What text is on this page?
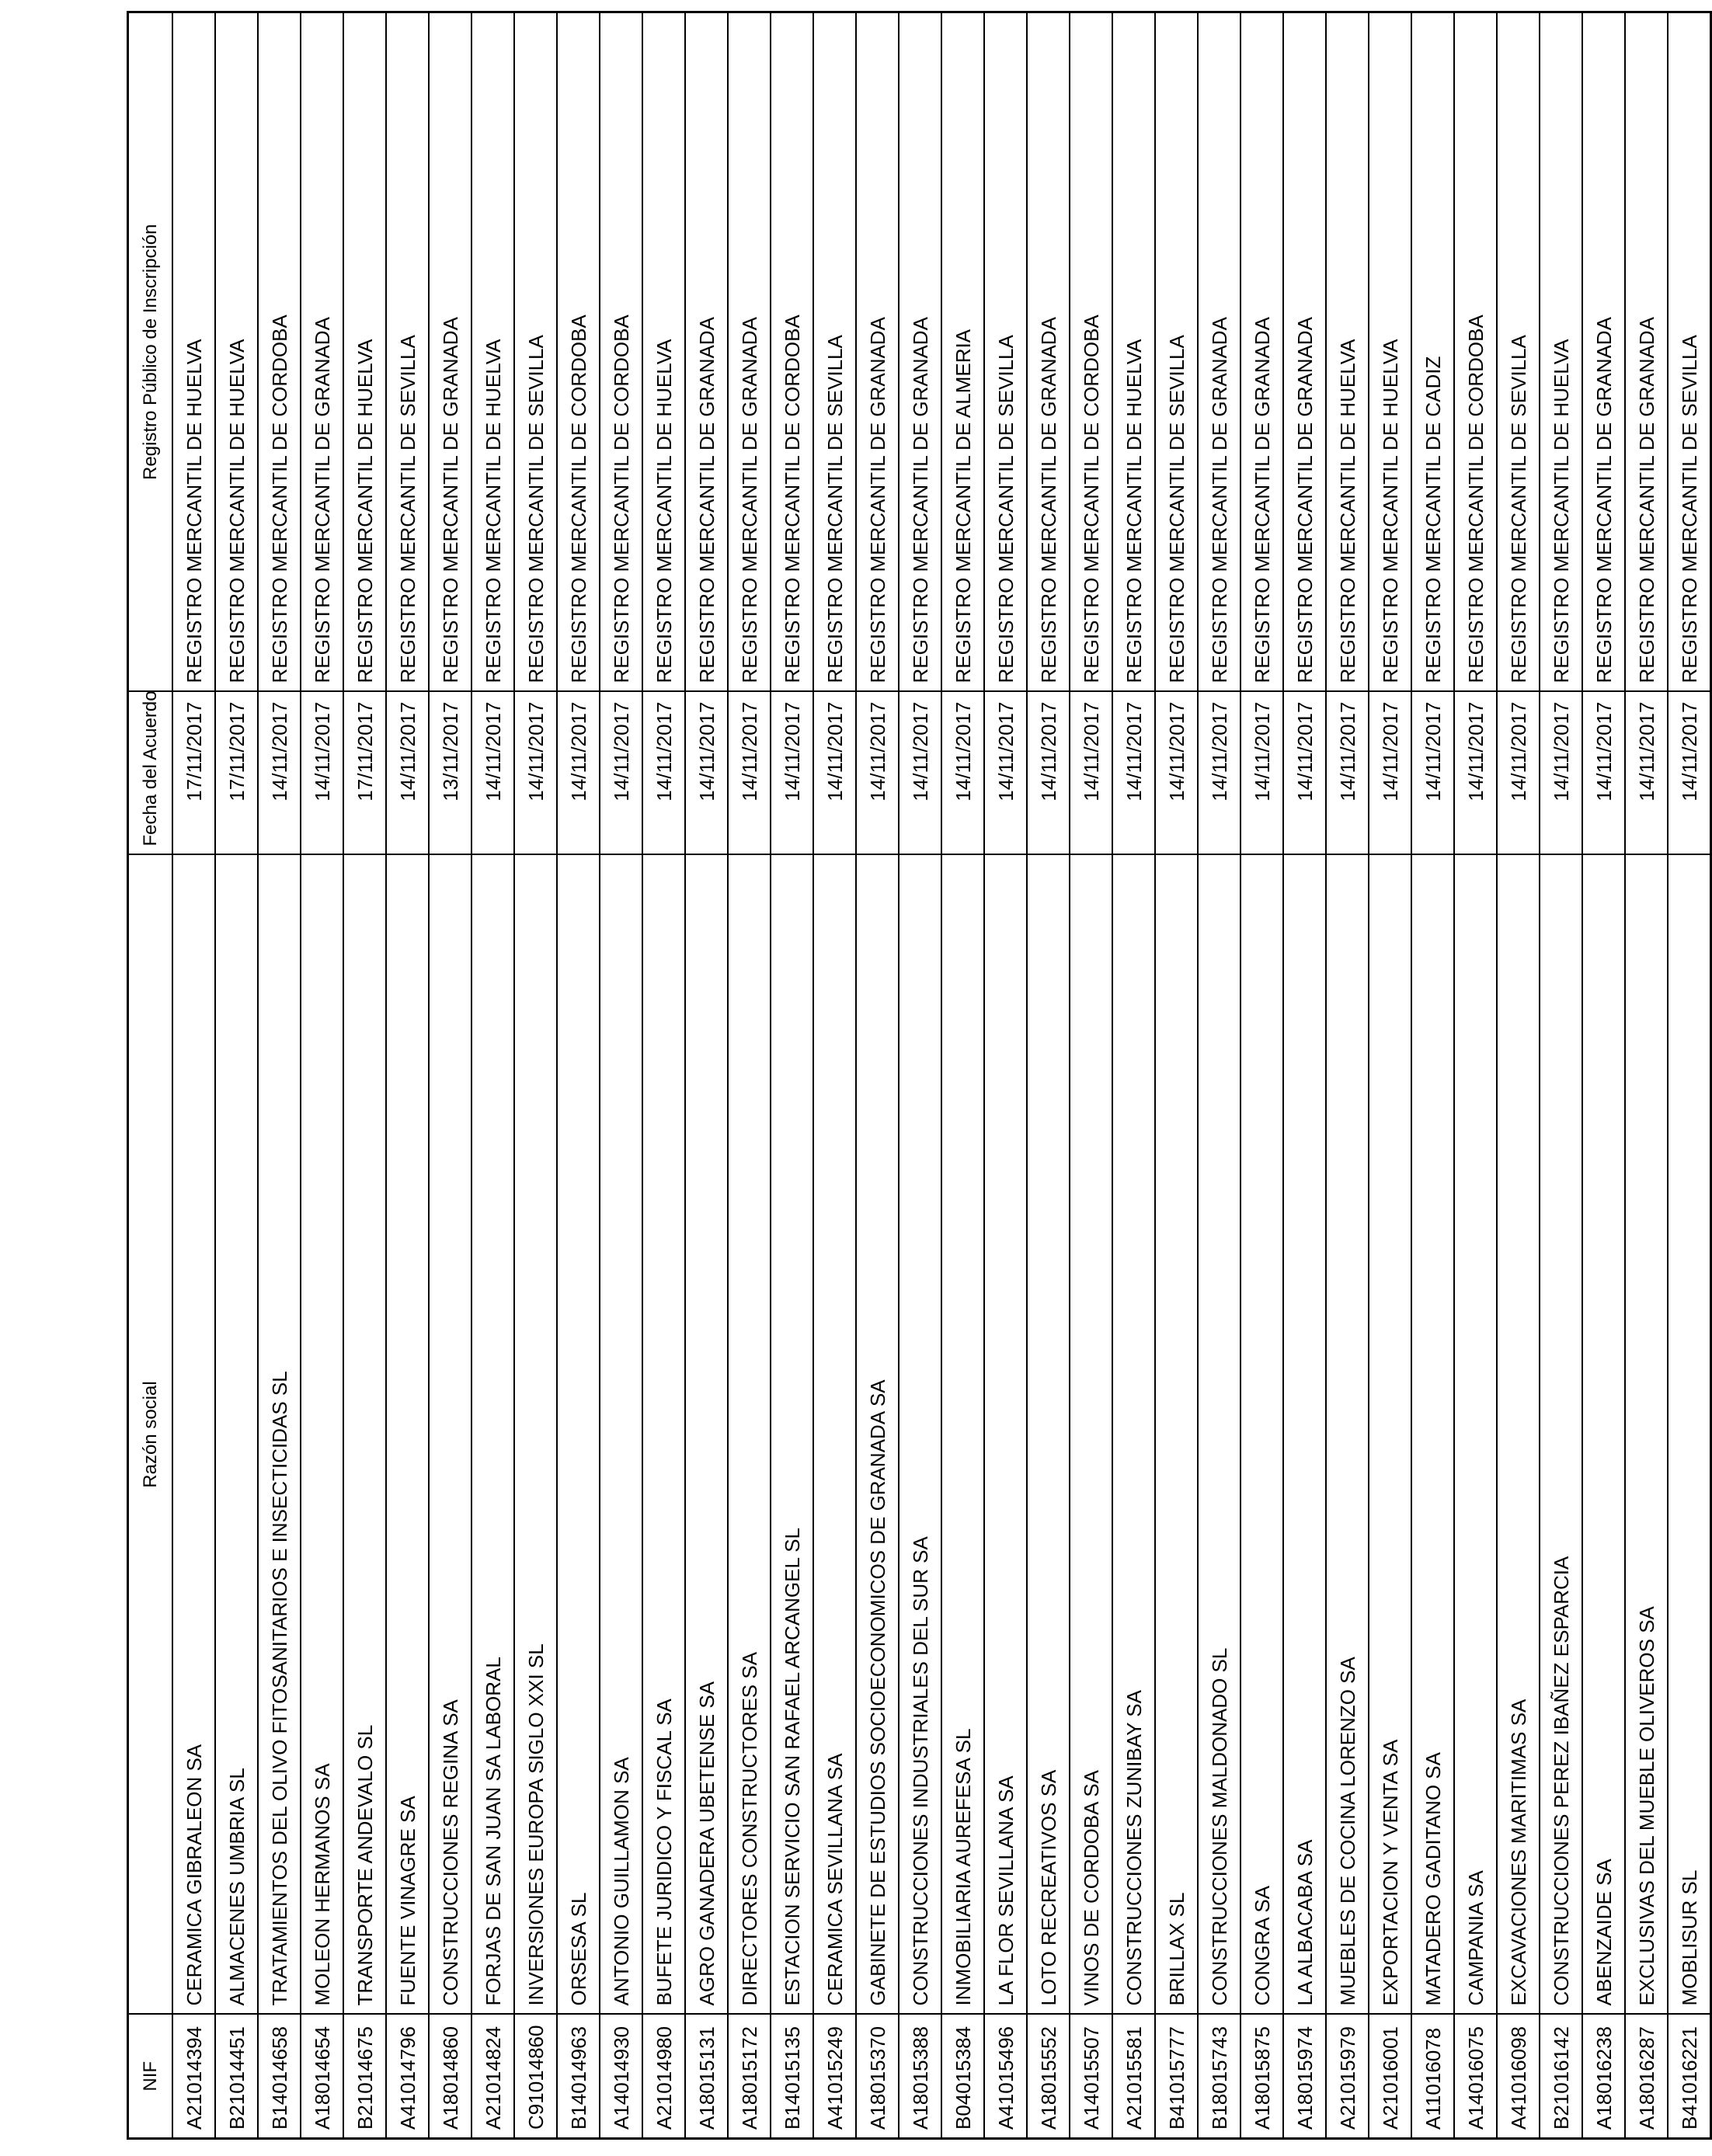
NIF	Razón social	Fecha del Acuerdo	Registro Público de Inscripción
A21014394	CERAMICA GIBRALEON SA	17/11/2017	REGISTRO MERCANTIL DE HUELVA
B21014451	ALMACENES UMBRIA SL	17/11/2017	REGISTRO MERCANTIL DE HUELVA
B14014658	TRATAMIENTOS DEL OLIVO FITOSANITARIOS E INSECTICIDAS SL	14/11/2017	REGISTRO MERCANTIL DE CORDOBA
A18014654	MOLEON HERMANOS SA	14/11/2017	REGISTRO MERCANTIL DE GRANADA
B21014675	TRANSPORTE ANDEVALO SL	17/11/2017	REGISTRO MERCANTIL DE HUELVA
A41014796	FUENTE VINAGRE SA	14/11/2017	REGISTRO MERCANTIL DE SEVILLA
A18014860	CONSTRUCCIONES REGINA SA	13/11/2017	REGISTRO MERCANTIL DE GRANADA
A21014824	FORJAS DE SAN JUAN SA LABORAL	14/11/2017	REGISTRO MERCANTIL DE HUELVA
C91014860	INVERSIONES EUROPA SIGLO XXI SL	14/11/2017	REGISTRO MERCANTIL DE SEVILLA
B14014963	ORSESA SL	14/11/2017	REGISTRO MERCANTIL DE CORDOBA
A14014930	ANTONIO GUILLAMON SA	14/11/2017	REGISTRO MERCANTIL DE CORDOBA
A21014980	BUFETE JURIDICO Y FISCAL SA	14/11/2017	REGISTRO MERCANTIL DE HUELVA
A18015131	AGRO GANADERA UBETENSE SA	14/11/2017	REGISTRO MERCANTIL DE GRANADA
A18015172	DIRECTORES CONSTRUCTORES SA	14/11/2017	REGISTRO MERCANTIL DE GRANADA
B14015135	ESTACION SERVICIO SAN RAFAEL ARCANGEL SL	14/11/2017	REGISTRO MERCANTIL DE CORDOBA
A41015249	CERAMICA SEVILLANA SA	14/11/2017	REGISTRO MERCANTIL DE SEVILLA
A18015370	GABINETE DE ESTUDIOS SOCIOECONOMICOS DE GRANADA SA	14/11/2017	REGISTRO MERCANTIL DE GRANADA
A18015388	CONSTRUCCIONES INDUSTRIALES DEL SUR SA	14/11/2017	REGISTRO MERCANTIL DE GRANADA
B04015384	INMOBILIARIA AUREFESA SL	14/11/2017	REGISTRO MERCANTIL DE ALMERIA
A41015496	LA FLOR SEVILLANA SA	14/11/2017	REGISTRO MERCANTIL DE SEVILLA
A18015552	LOTO RECREATIVOS SA	14/11/2017	REGISTRO MERCANTIL DE GRANADA
A14015507	VINOS DE CORDOBA SA	14/11/2017	REGISTRO MERCANTIL DE CORDOBA
A21015581	CONSTRUCCIONES ZUNIBAY SA	14/11/2017	REGISTRO MERCANTIL DE HUELVA
B41015777	BRILLAX SL	14/11/2017	REGISTRO MERCANTIL DE SEVILLA
B18015743	CONSTRUCCIONES MALDONADO SL	14/11/2017	REGISTRO MERCANTIL DE GRANADA
A18015875	CONGRA SA	14/11/2017	REGISTRO MERCANTIL DE GRANADA
A18015974	LA ALBACABA SA	14/11/2017	REGISTRO MERCANTIL DE GRANADA
A21015979	MUEBLES DE COCINA LORENZO SA	14/11/2017	REGISTRO MERCANTIL DE HUELVA
A21016001	EXPORTACION Y VENTA SA	14/11/2017	REGISTRO MERCANTIL DE HUELVA
A11016078	MATADERO GADITANO SA	14/11/2017	REGISTRO MERCANTIL DE CADIZ
A14016075	CAMPANIA SA	14/11/2017	REGISTRO MERCANTIL DE CORDOBA
A41016098	EXCAVACIONES MARITIMAS SA	14/11/2017	REGISTRO MERCANTIL DE SEVILLA
B21016142	CONSTRUCCIONES PEREZ IBAÑEZ ESPARCIA	14/11/2017	REGISTRO MERCANTIL DE HUELVA
A18016238	ABENZAIDE SA	14/11/2017	REGISTRO MERCANTIL DE GRANADA
A18016287	EXCLUSIVAS DEL MUEBLE OLIVEROS SA	14/11/2017	REGISTRO MERCANTIL DE GRANADA
B41016221	MOBLISUR SL	14/11/2017	REGISTRO MERCANTIL DE SEVILLA
